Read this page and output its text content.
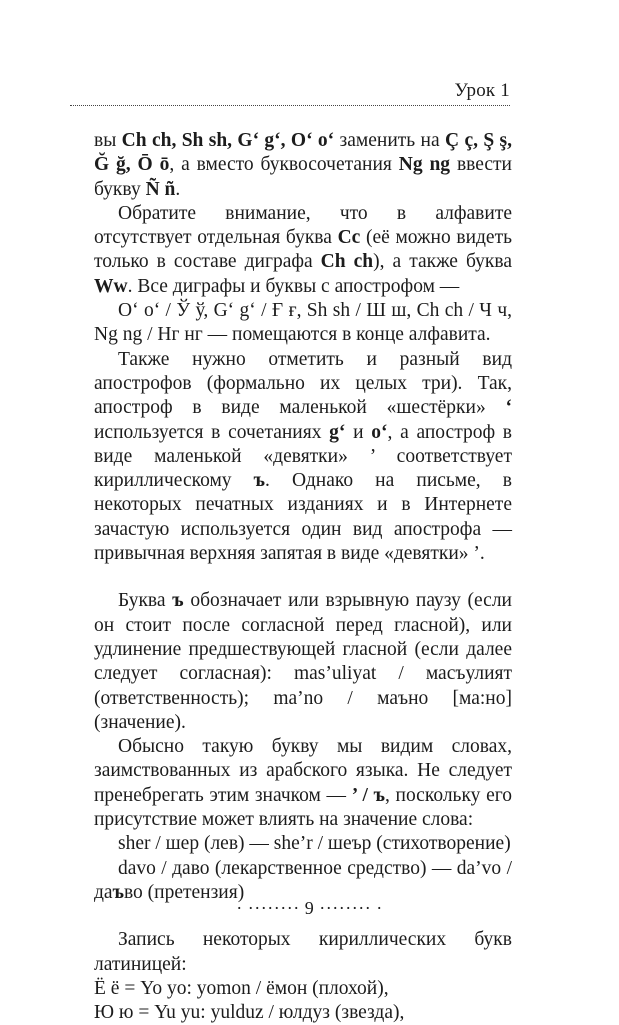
Урок 1

вы Ch ch, Sh sh, G‘ g‘, O‘ o‘ заменить на Ç ç, Ş ş, Ğ ğ, Ō ō, а вместо буквосочетания Ng ng ввести букву Ñ ñ.

Обратите внимание, что в алфавите отсутствует отдельная буква Cc (её можно видеть только в составе диграфа Ch ch), а также буква Ww. Все диграфы и буквы с апострофом —

O‘ o‘ / Ў ў, G‘ g‘ / Ғ ғ, Sh sh / Ш ш, Ch ch / Ч ч, Ng ng / Нг нг — помещаются в конце алфавита.

Также нужно отметить и разный вид апострофов (формально их целых три). Так, апостроф в виде маленькой «шестёрки» ‘ используется в сочетаниях g‘ и o‘, а апостроф в виде маленькой «девятки» ’ соответствует кириллическому ъ. Однако на письме, в некоторых печатных изданиях и в Интернете зачастую используется один вид апострофа — привычная верхняя запятая в виде «девятки» ’.

Буква ъ обозначает или взрывную паузу (если он стоит после согласной перед гласной), или удлинение предшествующей гласной (если далее следует согласная): mas’uliyat / масъулият (ответственность); ma’no / маъно [ма:но] (значение).

Обысно такую букву мы видим словах, заимствованных из арабского языка. Не следует пренебрегать этим значком — ’ / ъ, поскольку его присутствие может влиять на значение слова:

sher / шер (лев) — she’r / шеър (стихотворение)

davo / даво (лекарственное средство) — da’vo / даъво (претензия)

Запись некоторых кириллических букв латиницей:

Ё ё = Yo yo: yomon / ёмон (плохой),

Ю ю = Yu yu: yulduz / юлдуз (звезда),

· ········ 9 ········ ·
